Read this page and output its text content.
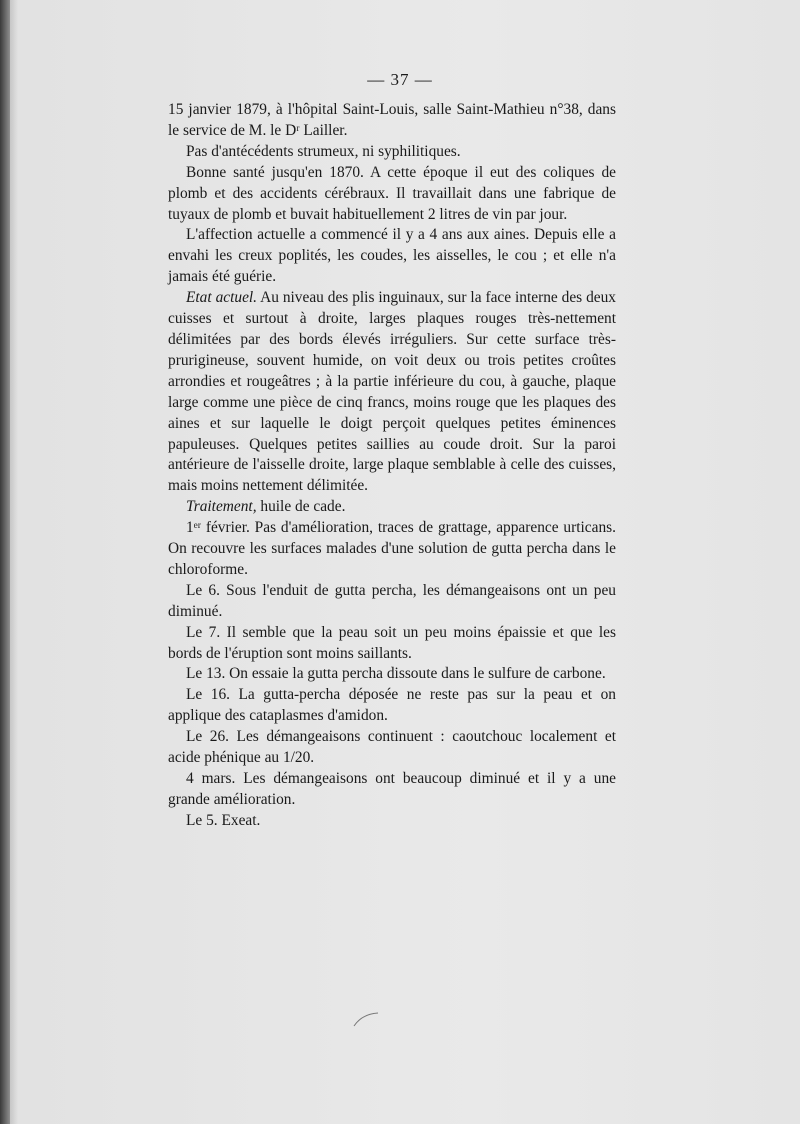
— 37 —

15 janvier 1879, à l'hôpital Saint-Louis, salle Saint-Mathieu n°38, dans le service de M. le Dʳ Lailler.

Pas d'antécédents strumeux, ni syphilitiques.

Bonne santé jusqu'en 1870. A cette époque il eut des coliques de plomb et des accidents cérébraux. Il travaillait dans une fabrique de tuyaux de plomb et buvait habituellement 2 litres de vin par jour.

L'affection actuelle a commencé il y a 4 ans aux aines. Depuis elle a envahi les creux poplités, les coudes, les aisselles, le cou ; et elle n'a jamais été guérie.

Etat actuel. Au niveau des plis inguinaux, sur la face interne des deux cuisses et surtout à droite, larges plaques rouges très-nettement délimitées par des bords élevés irréguliers. Sur cette surface très-prurigineuse, souvent humide, on voit deux ou trois petites croûtes arrondies et rougeâtres ; à la partie inférieure du cou, à gauche, plaque large comme une pièce de cinq francs, moins rouge que les plaques des aines et sur laquelle le doigt perçoit quelques petites éminences papuleuses. Quelques petites saillies au coude droit. Sur la paroi antérieure de l'aisselle droite, large plaque semblable à celle des cuisses, mais moins nettement délimitée.

Traitement, huile de cade.

1ᵉʳ février. Pas d'amélioration, traces de grattage, apparence urticans. On recouvre les surfaces malades d'une solution de gutta percha dans le chloroforme.

Le 6. Sous l'enduit de gutta percha, les démangeaisons ont un peu diminué.

Le 7. Il semble que la peau soit un peu moins épaissie et que les bords de l'éruption sont moins saillants.

Le 13. On essaie la gutta percha dissoute dans le sulfure de carbone.

Le 16. La gutta-percha déposée ne reste pas sur la peau et on applique des cataplasmes d'amidon.

Le 26. Les démangeaisons continuent : caoutchouc localement et acide phénique au 1/20.

4 mars. Les démangeaisons ont beaucoup diminué et il y a une grande amélioration.

Le 5. Exeat.
